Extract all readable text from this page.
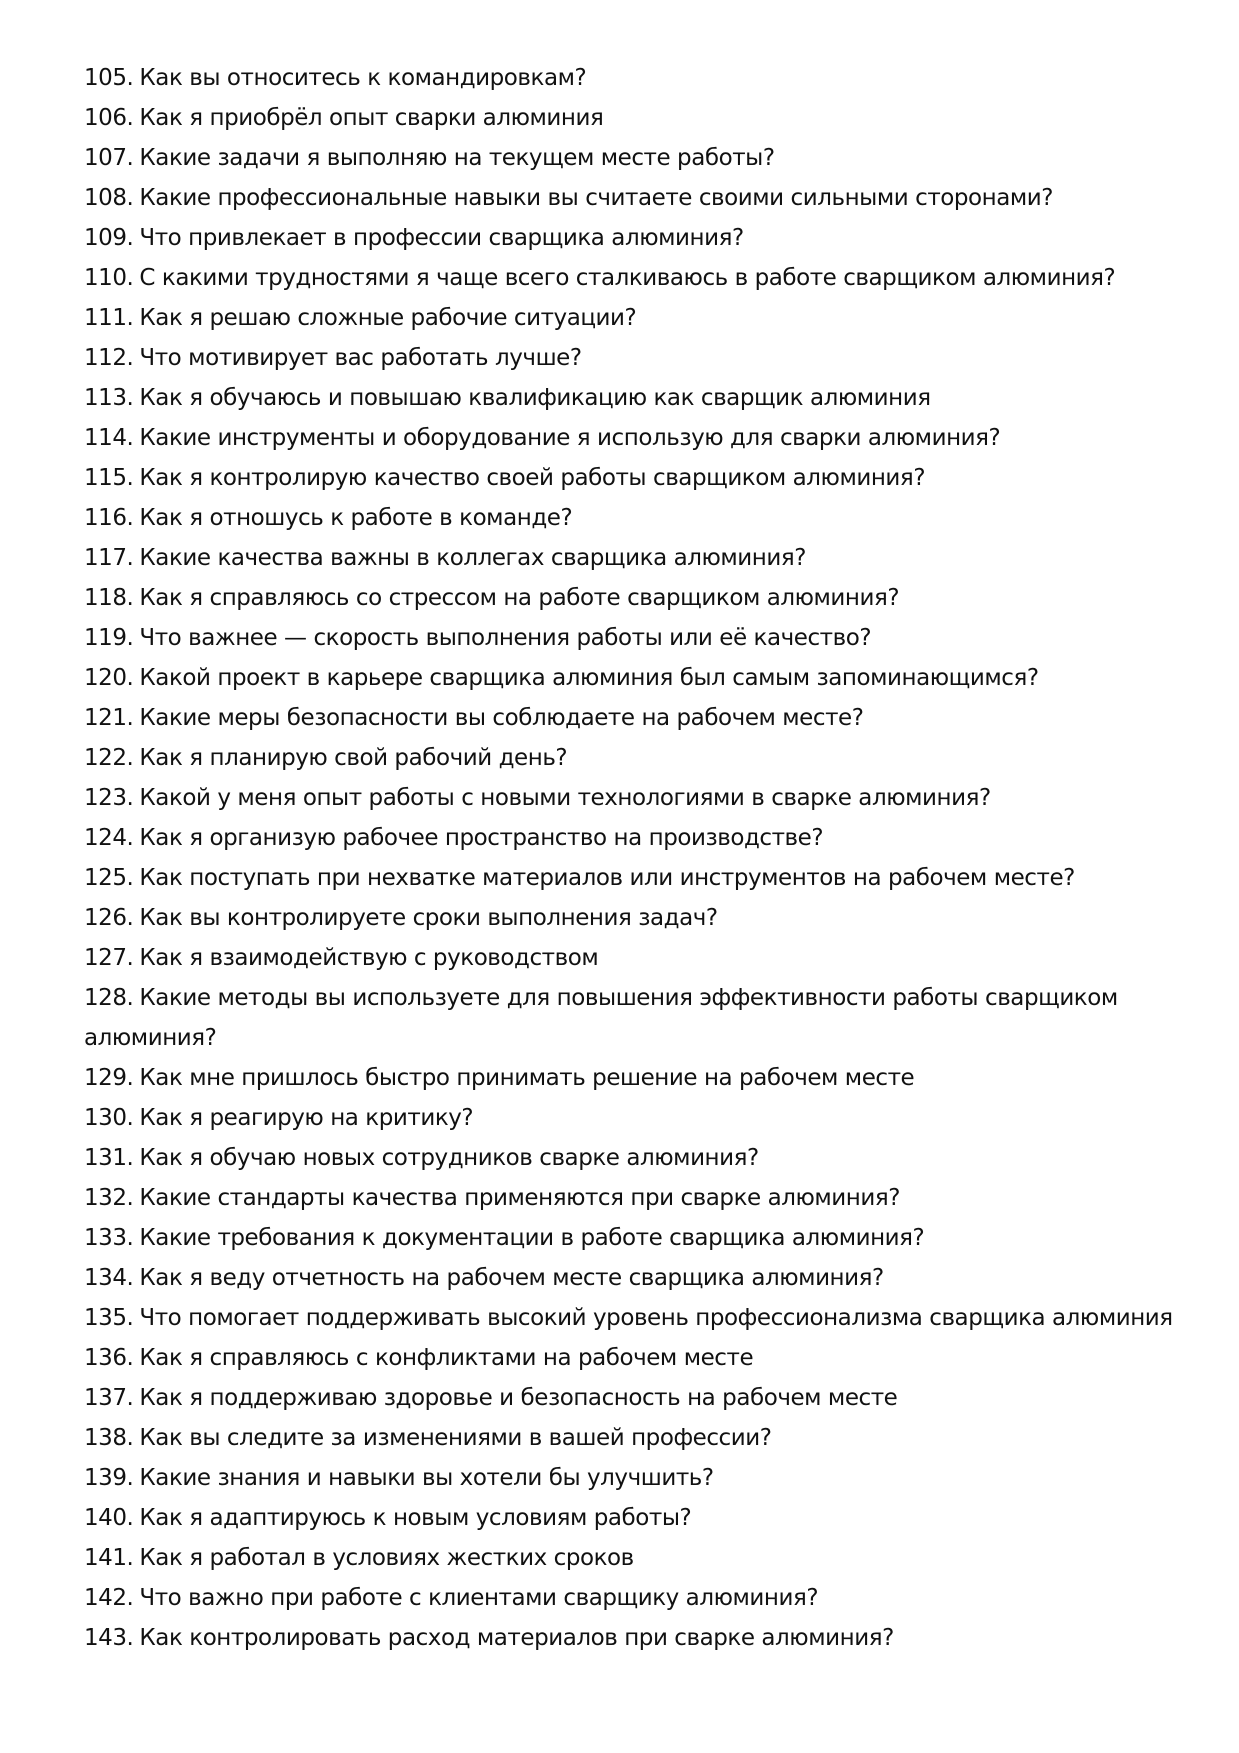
105. Как вы относитесь к командировкам?
106. Как я приобрёл опыт сварки алюминия
107. Какие задачи я выполняю на текущем месте работы?
108. Какие профессиональные навыки вы считаете своими сильными сторонами?
109. Что привлекает в профессии сварщика алюминия?
110. С какими трудностями я чаще всего сталкиваюсь в работе сварщиком алюминия?
111. Как я решаю сложные рабочие ситуации?
112. Что мотивирует вас работать лучше?
113. Как я обучаюсь и повышаю квалификацию как сварщик алюминия
114. Какие инструменты и оборудование я использую для сварки алюминия?
115. Как я контролирую качество своей работы сварщиком алюминия?
116. Как я отношусь к работе в команде?
117. Какие качества важны в коллегах сварщика алюминия?
118. Как я справляюсь со стрессом на работе сварщиком алюминия?
119. Что важнее — скорость выполнения работы или её качество?
120. Какой проект в карьере сварщика алюминия был самым запоминающимся?
121. Какие меры безопасности вы соблюдаете на рабочем месте?
122. Как я планирую свой рабочий день?
123. Какой у меня опыт работы с новыми технологиями в сварке алюминия?
124. Как я организую рабочее пространство на производстве?
125. Как поступать при нехватке материалов или инструментов на рабочем месте?
126. Как вы контролируете сроки выполнения задач?
127. Как я взаимодействую с руководством
128. Какие методы вы используете для повышения эффективности работы сварщиком алюминия?
129. Как мне пришлось быстро принимать решение на рабочем месте
130. Как я реагирую на критику?
131. Как я обучаю новых сотрудников сварке алюминия?
132. Какие стандарты качества применяются при сварке алюминия?
133. Какие требования к документации в работе сварщика алюминия?
134. Как я веду отчетность на рабочем месте сварщика алюминия?
135. Что помогает поддерживать высокий уровень профессионализма сварщика алюминия
136. Как я справляюсь с конфликтами на рабочем месте
137. Как я поддерживаю здоровье и безопасность на рабочем месте
138. Как вы следите за изменениями в вашей профессии?
139. Какие знания и навыки вы хотели бы улучшить?
140. Как я адаптируюсь к новым условиям работы?
141. Как я работал в условиях жестких сроков
142. Что важно при работе с клиентами сварщику алюминия?
143. Как контролировать расход материалов при сварке алюминия?
